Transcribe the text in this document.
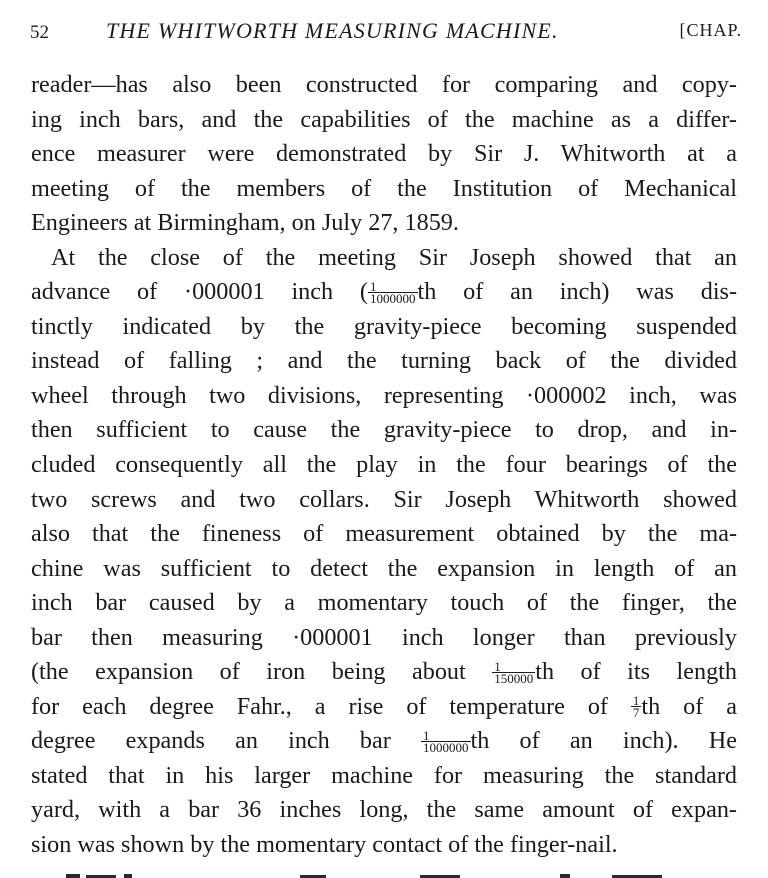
52	THE WHITWORTH MEASURING MACHINE.	[CHAP.
reader—has also been constructed for comparing and copy-
ing inch bars, and the capabilities of the machine as a differ-
ence measurer were demonstrated by Sir J. Whitworth at a
meeting of the members of the Institution of Mechanical
Engineers at Birmingham, on July 27, 1859.
At the close of the meeting Sir Joseph showed that an
advance of ·000001 inch ( $\frac{1}{1000000}$ th of an inch) was dis-
tinctly indicated by the gravity-piece becoming suspended
instead of falling ; and the turning back of the divided
wheel through two divisions, representing ·000002 inch, was
then sufficient to cause the gravity-piece to drop, and in-
cluded consequently all the play in the four bearings of the
two screws and two collars. Sir Joseph Whitworth showed
also that the fineness of measurement obtained by the ma-
chine was sufficient to detect the expansion in length of an
inch bar caused by a momentary touch of the finger, the
bar then measuring ·000001 inch longer than previously
(the expansion of iron being about $\frac{1}{150000}$ th of its length
for each degree Fahr., a rise of temperature of $\frac{1}{7}$ th of a
degree expands an inch bar $\frac{1}{1000000}$ th of an inch). He
stated that in his larger machine for measuring the standard
yard, with a bar 36 inches long, the same amount of expan-
sion was shown by the momentary contact of the finger-nail.
